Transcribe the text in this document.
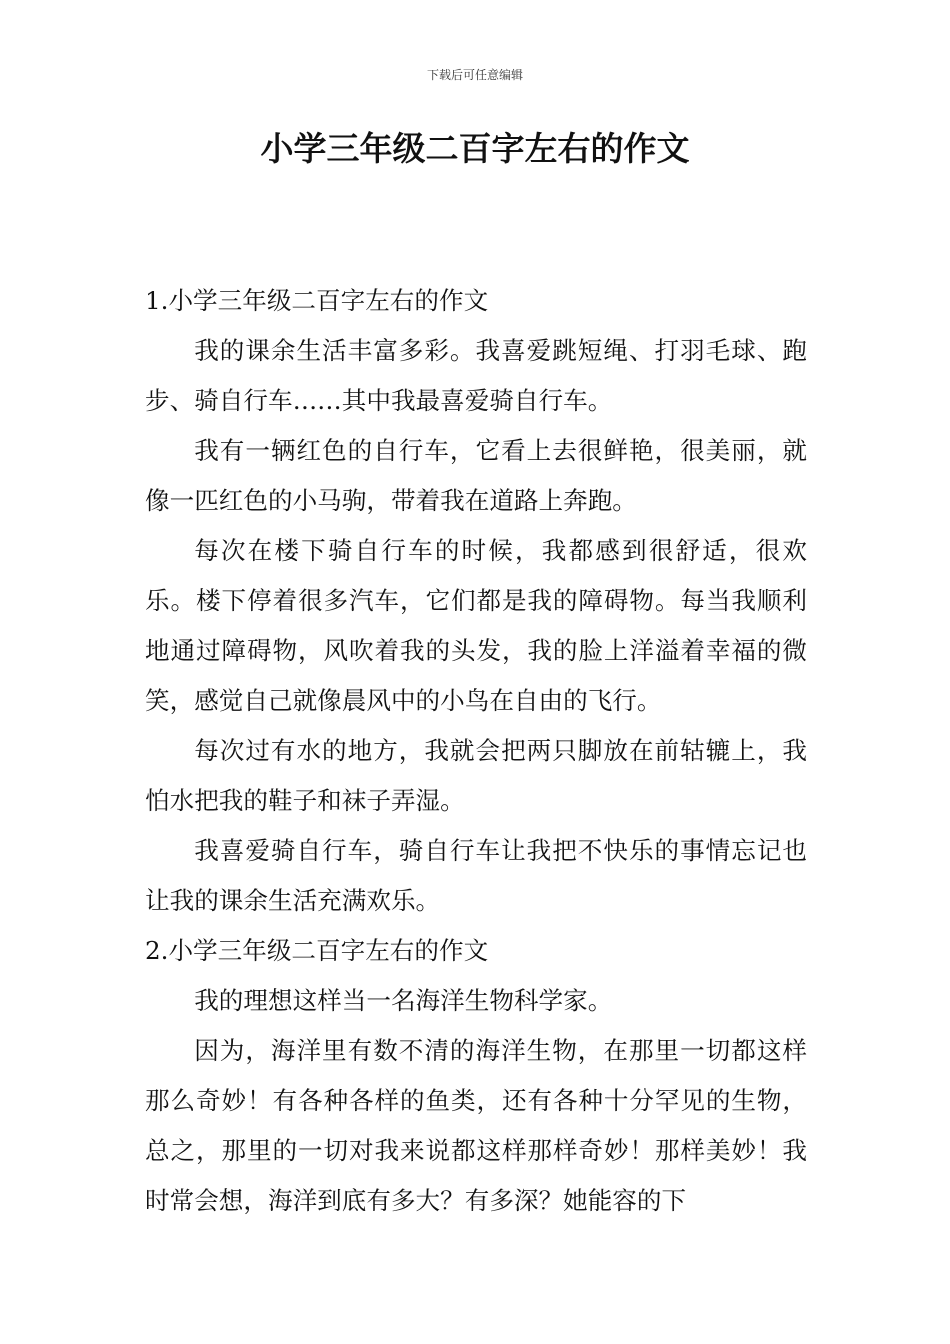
下载后可任意编辑
小学三年级二百字左右的作文

1.小学三年级二百字左右的作文

我的课余生活丰富多彩。我喜爱跳短绳、打羽毛球、跑步、骑自行车……其中我最喜爱骑自行车。

我有一辆红色的自行车，它看上去很鲜艳，很美丽，就像一匹红色的小马驹，带着我在道路上奔跑。

每次在楼下骑自行车的时候，我都感到很舒适，很欢乐。楼下停着很多汽车，它们都是我的障碍物。每当我顺利地通过障碍物，风吹着我的头发，我的脸上洋溢着幸福的微笑，感觉自己就像晨风中的小鸟在自由的飞行。

每次过有水的地方，我就会把两只脚放在前轱辘上，我怕水把我的鞋子和袜子弄湿。

我喜爱骑自行车，骑自行车让我把不快乐的事情忘记也让我的课余生活充满欢乐。

2.小学三年级二百字左右的作文

我的理想这样当一名海洋生物科学家。

因为，海洋里有数不清的海洋生物，在那里一切都这样那么奇妙！有各种各样的鱼类，还有各种十分罕见的生物，总之，那里的一切对我来说都这样那样奇妙！那样美妙！我时常会想，海洋到底有多大？有多深？她能容的下
